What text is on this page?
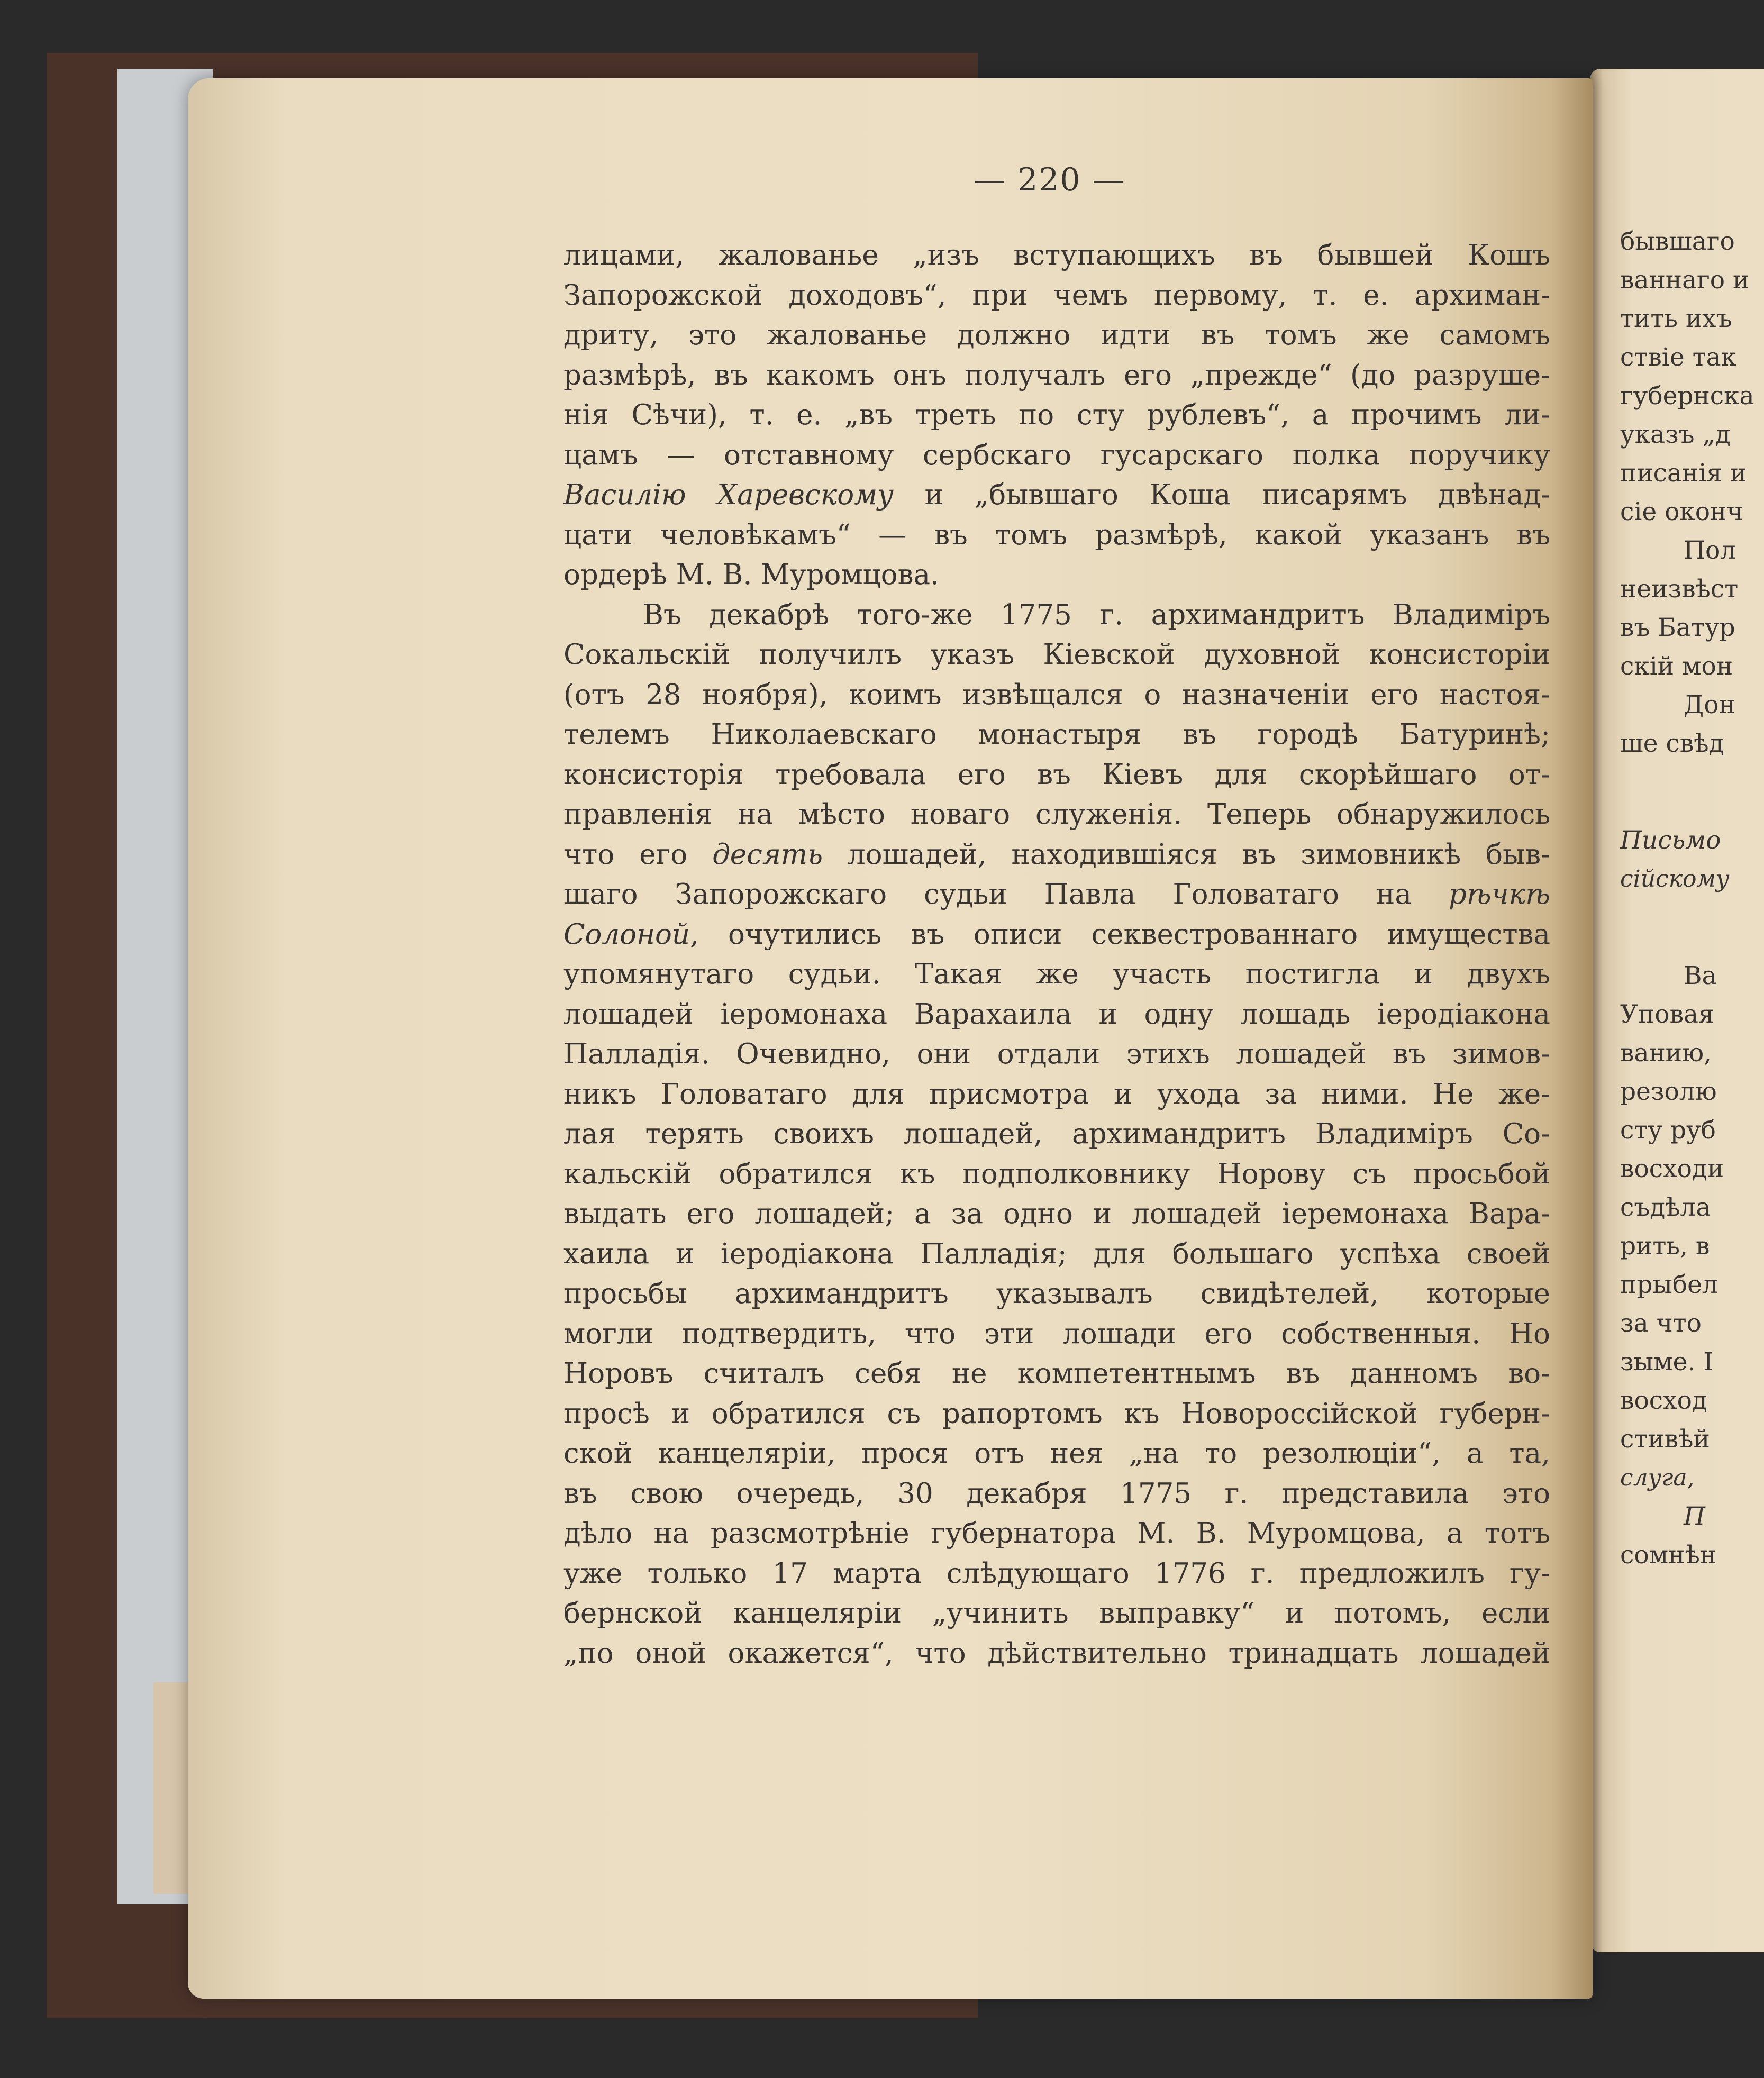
— 220 —
лицами, жалованье „изъ вступающихъ въ бывшей Кошъ
Запорожской доходовъ“, при чемъ первому, т. е. архиман-
дриту, это жалованье должно идти въ томъ же самомъ
размѣрѣ, въ какомъ онъ получалъ его „прежде“ (до разруше-
нія Сѣчи), т. е. „въ треть по сту рублевъ“, а прочимъ ли-
цамъ — отставному сербскаго гусарскаго полка поручику
Василію Харевскому и „бывшаго Коша писарямъ двѣнад-
цати человѣкамъ“ — въ томъ размѣрѣ, какой указанъ въ
ордерѣ М. В. Муромцова.
Въ декабрѣ того-же 1775 г. архимандритъ Владиміръ
Сокальскій получилъ указъ Кіевской духовной консисторіи
(отъ 28 ноября), коимъ извѣщался о назначеніи его настоя-
телемъ Николаевскаго монастыря въ городѣ Батуринѣ;
консисторія требовала его въ Кіевъ для скорѣйшаго от-
правленія на мѣсто новаго служенія. Теперь обнаружилось
что его десять лошадей, находившіяся въ зимовникѣ быв-
шаго Запорожскаго судьи Павла Головатаго на рѣчкѣ
Солоной, очутились въ описи секвестрованнаго имущества
упомянутаго судьи. Такая же участь постигла и двухъ
лошадей іеромонаха Варахаила и одну лошадь іеродіакона
Палладія. Очевидно, они отдали этихъ лошадей въ зимов-
никъ Головатаго для присмотра и ухода за ними. Не же-
лая терять своихъ лошадей, архимандритъ Владиміръ Со-
кальскій обратился къ подполковнику Норову съ просьбой
выдать его лошадей; а за одно и лошадей іеремонаха Вара-
хаила и іеродіакона Палладія; для большаго успѣха своей
просьбы архимандритъ указывалъ свидѣтелей, которые
могли подтвердить, что эти лошади его собственныя. Но
Норовъ считалъ себя не компетентнымъ въ данномъ во-
просѣ и обратился съ рапортомъ къ Новороссійской губерн-
ской канцеляріи, прося отъ нея „на то резолюціи“, а та,
въ свою очередь, 30 декабря 1775 г. представила это
дѣло на разсмотрѣніе губернатора М. В. Муромцова, а тотъ
уже только 17 марта слѣдующаго 1776 г. предложилъ гу-
бернской канцеляріи „учинить выправку“ и потомъ, если
„по оной окажется“, что дѣйствительно тринадцать лошадей
бывшаго
ваннаго и
тить ихъ
ствіе так
губернска
указъ „д
писанія и
сіе оконч
Пол
неизвѣст
въ Батур
скій мон
Дон
ше свѣд
Письмо
сійскому
Ва
Уповая
ванию,
резолю
сту руб
восходи
съдѣла
рить, в
прыбел
за что
зыме. І
восход
стивѣй
слуга,
П
сомнѣн
